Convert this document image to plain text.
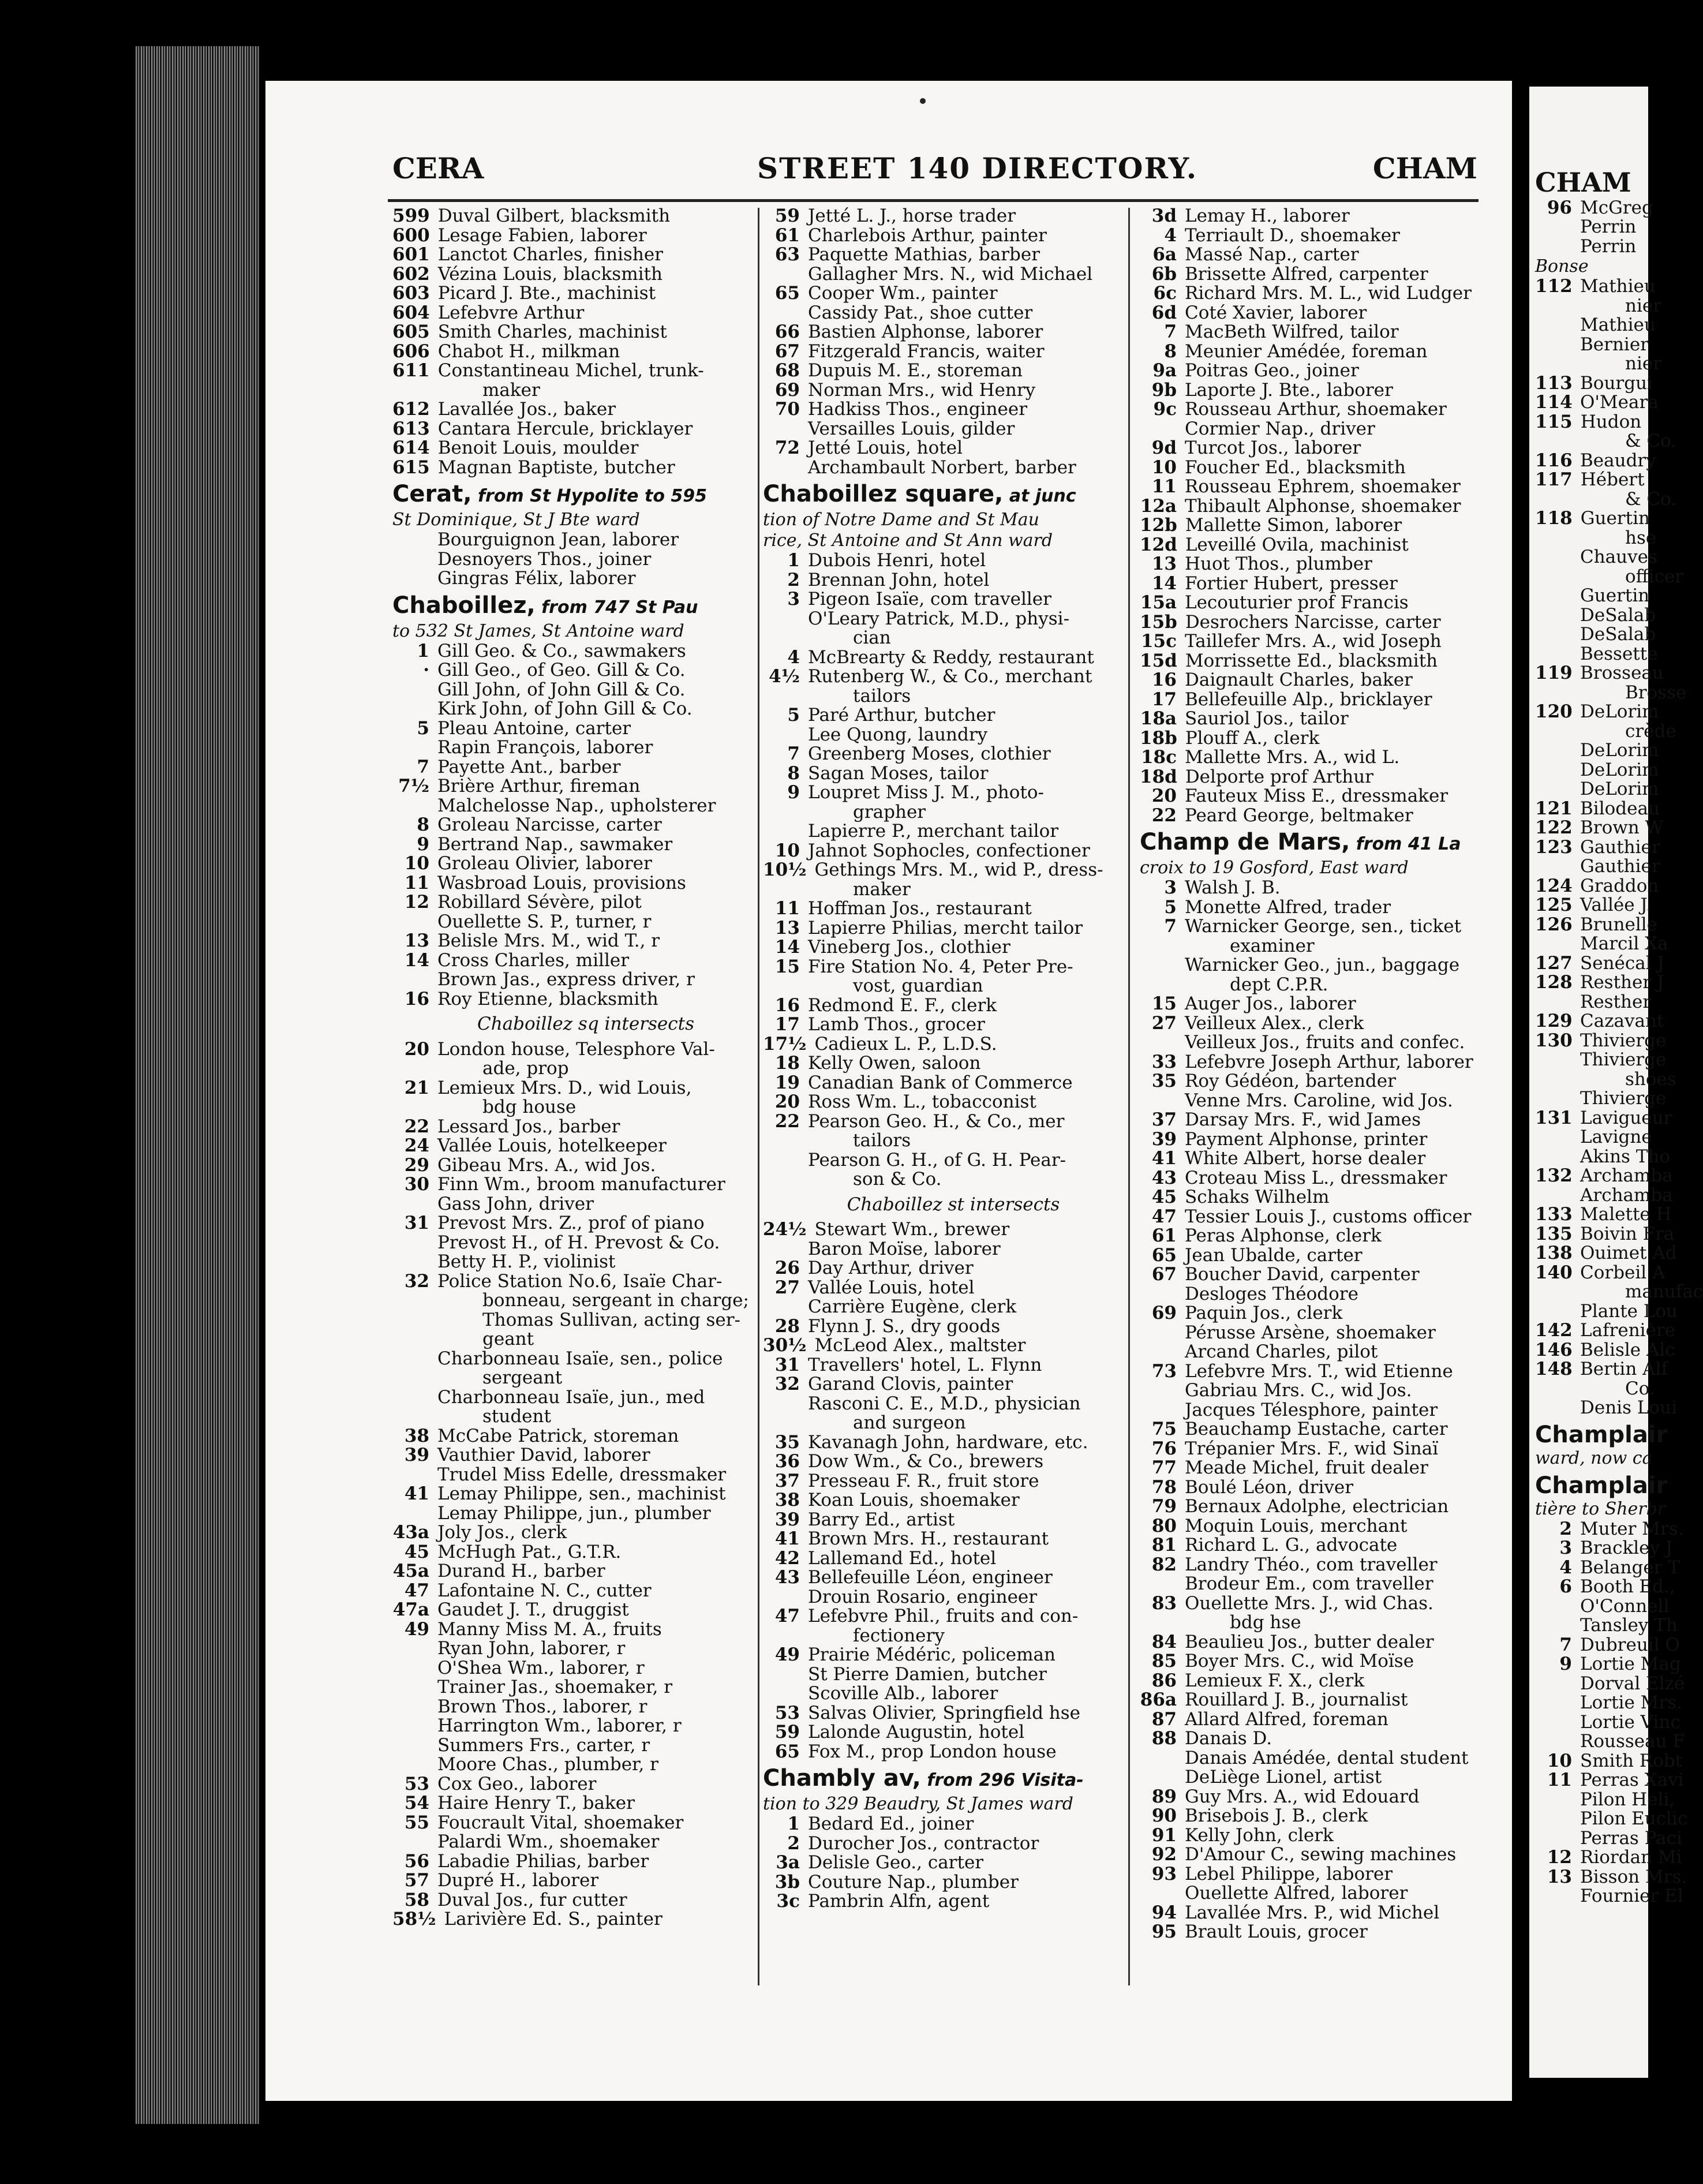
CERA	STREET 140 DIRECTORY.	CHAM
599 Duval Gilbert, blacksmith
600 Lesage Fabien, laborer
601 Lanctot Charles, finisher
602 Vézina Louis, blacksmith
603 Picard J. Bte., machinist
604 Lefebvre Arthur
605 Smith Charles, machinist
606 Chabot H., milkman
611 Constantineau Michel, trunk-
maker
612 Lavallée Jos., baker
613 Cantara Hercule, bricklayer
614 Benoit Louis, moulder
615 Magnan Baptiste, butcher
Cerat, from St Hypolite to 595
St Dominique, St J Bte ward
Bourguignon Jean, laborer
Desnoyers Thos., joiner
Gingras Félix, laborer
Chaboillez, from 747 St Pau
to 532 St James, St Antoine ward
1 Gill Geo. & Co., sawmakers
· Gill Geo., of Geo. Gill & Co.
Gill John, of John Gill & Co.
Kirk John, of John Gill & Co.
5 Pleau Antoine, carter
Rapin François, laborer
7 Payette Ant., barber
7½ Brière Arthur, fireman
Malchelosse Nap., upholsterer
8 Groleau Narcisse, carter
9 Bertrand Nap., sawmaker
10 Groleau Olivier, laborer
11 Wasbroad Louis, provisions
12 Robillard Sévère, pilot
Ouellette S. P., turner, r
13 Belisle Mrs. M., wid T., r
14 Cross Charles, miller
Brown Jas., express driver, r
16 Roy Etienne, blacksmith
Chaboillez sq intersects
20 London house, Telesphore Val-
ade, prop
21 Lemieux Mrs. D., wid Louis,
bdg house
22 Lessard Jos., barber
24 Vallée Louis, hotelkeeper
29 Gibeau Mrs. A., wid Jos.
30 Finn Wm., broom manufacturer
Gass John, driver
31 Prevost Mrs. Z., prof of piano
Prevost H., of H. Prevost & Co.
Betty H. P., violinist
32 Police Station No.6, Isaïe Char-
bonneau, sergeant in charge;
Thomas Sullivan, acting ser-
geant
Charbonneau Isaïe, sen., police
sergeant
Charbonneau Isaïe, jun., med
student
38 McCabe Patrick, storeman
39 Vauthier David, laborer
Trudel Miss Edelle, dressmaker
41 Lemay Philippe, sen., machinist
Lemay Philippe, jun., plumber
43a Joly Jos., clerk
45 McHugh Pat., G.T.R.
45a Durand H., barber
47 Lafontaine N. C., cutter
47a Gaudet J. T., druggist
49 Manny Miss M. A., fruits
Ryan John, laborer, r
O'Shea Wm., laborer, r
Trainer Jas., shoemaker, r
Brown Thos., laborer, r
Harrington Wm., laborer, r
Summers Frs., carter, r
Moore Chas., plumber, r
53 Cox Geo., laborer
54 Haire Henry T., baker
55 Foucrault Vital, shoemaker
Palardi Wm., shoemaker
56 Labadie Philias, barber
57 Dupré H., laborer
58 Duval Jos., fur cutter
58½ Larivière Ed. S., painter
59 Jetté L. J., horse trader
61 Charlebois Arthur, painter
63 Paquette Mathias, barber
Gallagher Mrs. N., wid Michael
65 Cooper Wm., painter
Cassidy Pat., shoe cutter
66 Bastien Alphonse, laborer
67 Fitzgerald Francis, waiter
68 Dupuis M. E., storeman
69 Norman Mrs., wid Henry
70 Hadkiss Thos., engineer
Versailles Louis, gilder
72 Jetté Louis, hotel
Archambault Norbert, barber
Chaboillez square, at junc
tion of Notre Dame and St Mau
rice, St Antoine and St Ann ward
1 Dubois Henri, hotel
2 Brennan John, hotel
3 Pigeon Isaïe, com traveller
O'Leary Patrick, M.D., physi-
cian
4 McBrearty & Reddy, restaurant
4½ Rutenberg W., & Co., merchant
tailors
5 Paré Arthur, butcher
Lee Quong, laundry
7 Greenberg Moses, clothier
8 Sagan Moses, tailor
9 Loupret Miss J. M., photo-
grapher
Lapierre P., merchant tailor
10 Jahnot Sophocles, confectioner
10½ Gethings Mrs. M., wid P., dress-
maker
11 Hoffman Jos., restaurant
13 Lapierre Philias, mercht tailor
14 Vineberg Jos., clothier
15 Fire Station No. 4, Peter Pre-
vost, guardian
16 Redmond E. F., clerk
17 Lamb Thos., grocer
17½ Cadieux L. P., L.D.S.
18 Kelly Owen, saloon
19 Canadian Bank of Commerce
20 Ross Wm. L., tobacconist
22 Pearson Geo. H., & Co., mer
tailors
Pearson G. H., of G. H. Pear-
son & Co.
Chaboillez st intersects
24½ Stewart Wm., brewer
Baron Moïse, laborer
26 Day Arthur, driver
27 Vallée Louis, hotel
Carrière Eugène, clerk
28 Flynn J. S., dry goods
30½ McLeod Alex., maltster
31 Travellers' hotel, L. Flynn
32 Garand Clovis, painter
Rasconi C. E., M.D., physician
and surgeon
35 Kavanagh John, hardware, etc.
36 Dow Wm., & Co., brewers
37 Presseau F. R., fruit store
38 Koan Louis, shoemaker
39 Barry Ed., artist
41 Brown Mrs. H., restaurant
42 Lallemand Ed., hotel
43 Bellefeuille Léon, engineer
Drouin Rosario, engineer
47 Lefebvre Phil., fruits and con-
fectionery
49 Prairie Médéric, policeman
St Pierre Damien, butcher
Scoville Alb., laborer
53 Salvas Olivier, Springfield hse
59 Lalonde Augustin, hotel
65 Fox M., prop London house
Chambly av, from 296 Visita-
tion to 329 Beaudry, St James ward
1 Bedard Ed., joiner
2 Durocher Jos., contractor
3a Delisle Geo., carter
3b Couture Nap., plumber
3c Pambrin Alfn, agent
3d Lemay H., laborer
4 Terriault D., shoemaker
6a Massé Nap., carter
6b Brissette Alfred, carpenter
6c Richard Mrs. M. L., wid Ludger
6d Coté Xavier, laborer
7 MacBeth Wilfred, tailor
8 Meunier Amédée, foreman
9a Poitras Geo., joiner
9b Laporte J. Bte., laborer
9c Rousseau Arthur, shoemaker
Cormier Nap., driver
9d Turcot Jos., laborer
10 Foucher Ed., blacksmith
11 Rousseau Ephrem, shoemaker
12a Thibault Alphonse, shoemaker
12b Mallette Simon, laborer
12d Leveillé Ovila, machinist
13 Huot Thos., plumber
14 Fortier Hubert, presser
15a Lecouturier prof Francis
15b Desrochers Narcisse, carter
15c Taillefer Mrs. A., wid Joseph
15d Morrissette Ed., blacksmith
16 Daignault Charles, baker
17 Bellefeuille Alp., bricklayer
18a Sauriol Jos., tailor
18b Plouff A., clerk
18c Mallette Mrs. A., wid L.
18d Delporte prof Arthur
20 Fauteux Miss E., dressmaker
22 Peard George, beltmaker
Champ de Mars, from 41 La
croix to 19 Gosford, East ward
3 Walsh J. B.
5 Monette Alfred, trader
7 Warnicker George, sen., ticket
examiner
Warnicker Geo., jun., baggage
dept C.P.R.
15 Auger Jos., laborer
27 Veilleux Alex., clerk
Veilleux Jos., fruits and confec.
33 Lefebvre Joseph Arthur, laborer
35 Roy Gédéon, bartender
Venne Mrs. Caroline, wid Jos.
37 Darsay Mrs. F., wid James
39 Payment Alphonse, printer
41 White Albert, horse dealer
43 Croteau Miss L., dressmaker
45 Schaks Wilhelm
47 Tessier Louis J., customs officer
61 Peras Alphonse, clerk
65 Jean Ubalde, carter
67 Boucher David, carpenter
Desloges Théodore
69 Paquin Jos., clerk
Pérusse Arsène, shoemaker
Arcand Charles, pilot
73 Lefebvre Mrs. T., wid Etienne
Gabriau Mrs. C., wid Jos.
Jacques Télesphore, painter
75 Beauchamp Eustache, carter
76 Trépanier Mrs. F., wid Sinaï
77 Meade Michel, fruit dealer
78 Boulé Léon, driver
79 Bernaux Adolphe, electrician
80 Moquin Louis, merchant
81 Richard L. G., advocate
82 Landry Théo., com traveller
Brodeur Em., com traveller
83 Ouellette Mrs. J., wid Chas.
bdg hse
84 Beaulieu Jos., butter dealer
85 Boyer Mrs. C., wid Moïse
86 Lemieux F. X., clerk
86a Rouillard J. B., journalist
87 Allard Alfred, foreman
88 Danais D.
Danais Amédée, dental student
DeLiège Lionel, artist
89 Guy Mrs. A., wid Edouard
90 Brisebois J. B., clerk
91 Kelly John, clerk
92 D'Amour C., sewing machines
93 Lebel Philippe, laborer
Ouellette Alfred, laborer
94 Lavallée Mrs. P., wid Michel
95 Brault Louis, grocer
CHAM
96 McGreg
Perrin
Perrin
Bonse
112 Mathieu
nier
Mathieu
Bernier
nier
113 Bourgui
114 O'Meara
115 Hudon
& Co.
116 Beaudry
117 Hébert
& Co.
118 Guertin
hse
Chauves
officer
Guertin
DeSalab
DeSalab
Bessette
119 Brosseau
Brosse
120 DeLorim
crède
DeLorim
DeLorim
DeLorim
121 Bilodeau
122 Brown W
123 Gauthier
Gauthier
124 Graddon
125 Vallée J.
126 Brunelle
Marcil Xa
127 Senécal J
128 Resther J
Resther
129 Cazavant
130 Thivierge
Thivierge
shoes
Thivierge
131 Lavigueur
Lavigne
Akins Tho
132 Archamba
Archamba
133 Malette H
135 Boivin Fra
138 Ouimet Ad
140 Corbeil A
manufac
Plante Lou
142 Lafrenière
146 Belisle Alc
148 Bertin Alf
Co.
Denis Loui
Champlair
ward, now ca
Champlair
tière to Sherbr
2 Muter Mrs.
3 Brackley J
4 Belanger T
6 Booth Ed.,
O'Connell
Tansley Th
7 Dubreuil O
9 Lortie Mag
Dorval Elzé
Lortie Mrs.
Lortie Vinc
Rousseau F
10 Smith Robt
11 Perras Xavi
Pilon Heli,
Pilon Euclic
Perras Paci
12 Riordan Mi
13 Bisson Mrs.
Fournier El
